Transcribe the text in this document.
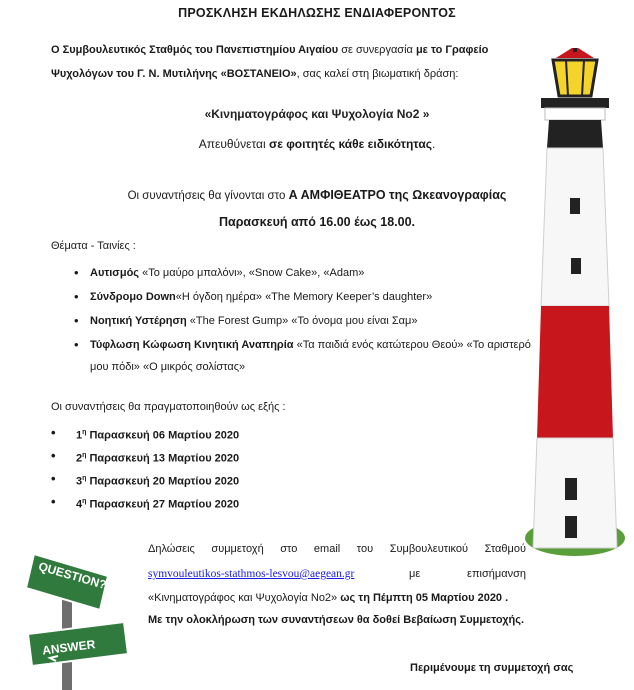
ΠΡΟΣΚΛΗΣΗ ΕΚΔΗΛΩΣΗΣ ΕΝΔΙΑΦΕΡΟΝΤΟΣ
Ο Συμβουλευτικός Σταθμός του Πανεπιστημίου Αιγαίου σε συνεργασία με το Γραφείο Ψυχολόγων του Γ. Ν. Μυτιλήνης «ΒΟΣΤΑΝΕΙΟ», σας καλεί στη βιωματική δράση:
«Κινηματογράφος και Ψυχολογία Νο2 »
Απευθύνεται σε φοιτητές κάθε ειδικότητας.
Οι συναντήσεις θα γίνονται στο Α ΑΜΦΙΘΕΑΤΡΟ της Ωκεανογραφίας
Παρασκευή από 16.00 έως 18.00.
Θέματα - Ταινίες :
• Αυτισμός «Το μαύρο μπαλόνι», «Snow Cake», «Adam»
• Σύνδρομο Down«Η όγδοη ημέρα» «The Memory Keeper’s daughter»
• Νοητική Υστέρηση «The Forest Gump» «Το όνομα μου είναι Σαμ»
• Τύφλωση Κώφωση Κινητική Αναπηρία «Τα παιδιά ενός κατώτερου Θεού» «Το αριστερό μου πόδι» «Ο μικρός σολίστας»
Οι συναντήσεις θα πραγματοποιηθούν ως εξής :
• $1^\eta$ Παρασκευή 06 Μαρτίου 2020
• $2^\eta$ Παρασκευή 13 Μαρτίου 2020
• $3^\eta$ Παρασκευή 20 Μαρτίου 2020
• $4^\eta$ Παρασκευή 27 Μαρτίου 2020
Δηλώσεις συμμετοχή στο email του Συμβουλευτικού Σταθμού
symvouleutikos-stathmos-lesvou@aegean.gr	με	επισήμανση
«Κινηματογράφος και Ψυχολογία Νο2» ως τη Πέμπτη 05 Μαρτίου 2020 .
Με την ολοκλήρωση των συναντήσεων θα δοθεί Βεβαίωση Συμμετοχής.
Περιμένουμε τη συμμετοχή σας
QUESTION?
ANSWER
